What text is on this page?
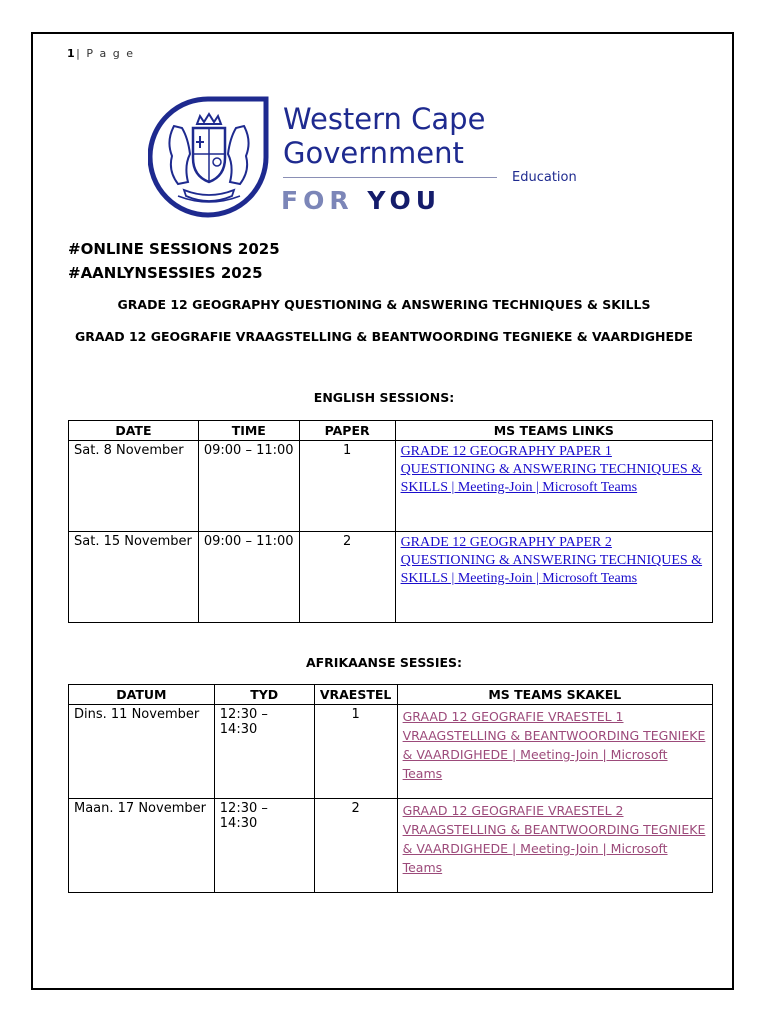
1| P a g e
Western Cape
Government
Education
FOR YOU
#ONLINE SESSIONS 2025
#AANLYNSESSIES 2025
GRADE 12 GEOGRAPHY QUESTIONING & ANSWERING TECHNIQUES & SKILLS
GRAAD 12 GEOGRAFIE VRAAGSTELLING & BEANTWOORDING TEGNIEKE & VAARDIGHEDE
ENGLISH SESSIONS:
DATE	TIME	PAPER	MS TEAMS LINKS
Sat. 8 November	09:00 – 11:00	1	GRADE 12 GEOGRAPHY PAPER 1 QUESTIONING & ANSWERING TECHNIQUES & SKILLS | Meeting-Join | Microsoft Teams

Sat. 15 November	09:00 – 11:00	2	GRADE 12 GEOGRAPHY PAPER 2 QUESTIONING & ANSWERING TECHNIQUES & SKILLS | Meeting-Join | Microsoft Teams
AFRIKAANSE SESSIES:
DATUM	TYD	VRAESTEL	MS TEAMS SKAKEL
Dins. 11 November	12:30 – 14:30	1	GRAAD 12 GEOGRAFIE VRAESTEL 1 VRAAGSTELLING & BEANTWOORDING TEGNIEKE & VAARDIGHEDE | Meeting-Join | Microsoft Teams

Maan. 17 November	12:30 – 14:30	2	GRAAD 12 GEOGRAFIE VRAESTEL 2 VRAAGSTELLING & BEANTWOORDING TEGNIEKE & VAARDIGHEDE | Meeting-Join | Microsoft Teams
